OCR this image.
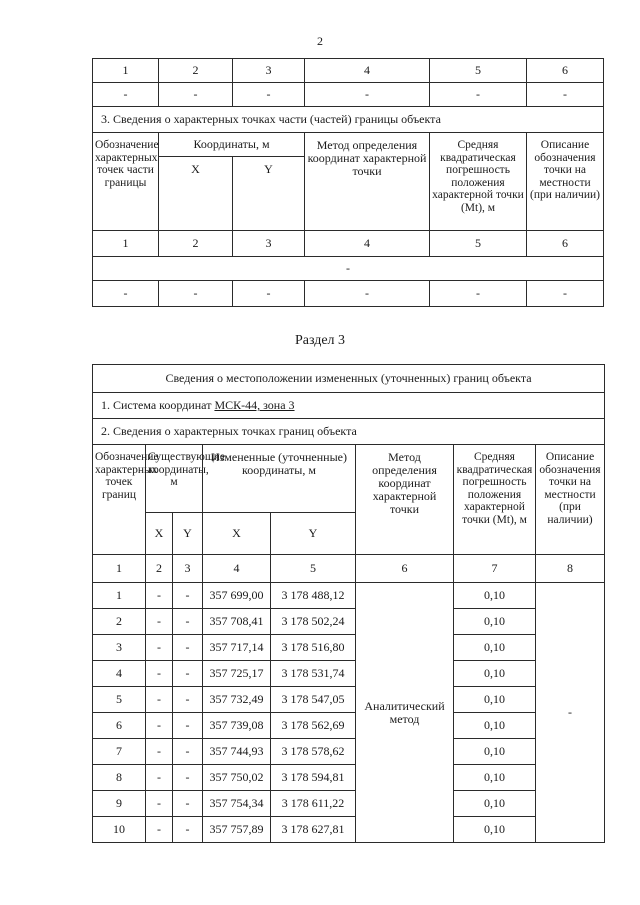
2
1	2	3	4	5	6
-	-	-	-	-	-
3. Сведения о характерных точках части (частей) границы объекта					
Обозначение характерных точек части границы	Координаты, м		Метод определения координат характерной точки	Средняя квадратическая погрешность положения характерной точки (Mt), м	Описание обозначения точки на местности (при наличии)
	X	Y			
1	2	3	4	5	6
-					
-	-	-	-	-	-
Раздел 3
Сведения о местоположении измененных (уточненных) границ объекта							
1. Система координат МСК-44, зона 3							
2. Сведения о характерных точках границ объекта							
Обозначение характерных точек границ	Существующие координаты, м		Измененные (уточненные) координаты, м		Метод определения координат характерной точки	Средняя квадратическая погрешность положения характерной точки (Mt), м	Описание обозначения точки на местности (при наличии)
	X	Y	X	Y			
1	2	3	4	5	6	7	8
1	-	-	357 699,00	3 178 488,12	Аналитический метод	0,10	-
2	-	-	357 708,41	3 178 502,24		0,10	
3	-	-	357 717,14	3 178 516,80		0,10	
4	-	-	357 725,17	3 178 531,74		0,10	
5	-	-	357 732,49	3 178 547,05		0,10	
6	-	-	357 739,08	3 178 562,69		0,10	
7	-	-	357 744,93	3 178 578,62		0,10	
8	-	-	357 750,02	3 178 594,81		0,10	
9	-	-	357 754,34	3 178 611,22		0,10	
10	-	-	357 757,89	3 178 627,81		0,10	
